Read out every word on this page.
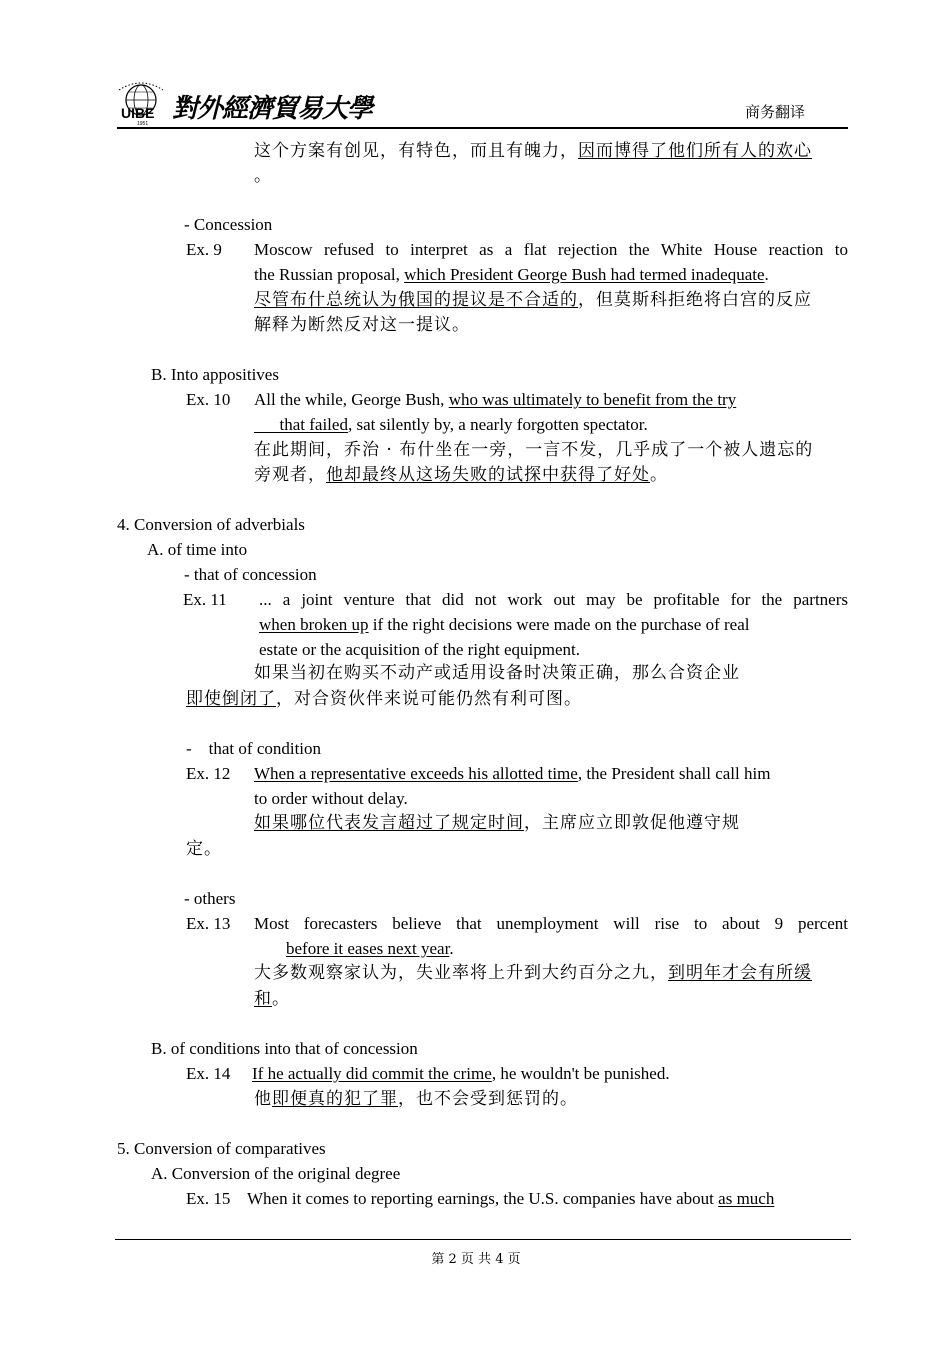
UIBE
1951 對外經濟貿易大學	商务翻译
这个方案有创见，有特色，而且有魄力，因而博得了他们所有人的欢心
。
- Concession
Ex. 9 Moscow refused to interpret as a flat rejection the White House reaction to
the Russian proposal, which President George Bush had termed inadequate.
尽管布什总统认为俄国的提议是不合适的，但莫斯科拒绝将白宫的反应
解释为断然反对这一提议。
B. Into appositives
Ex. 10 All the while, George Bush, who was ultimately to benefit from the try
that failed, sat silently by, a nearly forgotten spectator.
在此期间，乔治 · 布什坐在一旁，一言不发，几乎成了一个被人遗忘的
旁观者，他却最终从这场失败的试探中获得了好处。
4. Conversion of adverbials
A. of time into
- that of concession
Ex. 11 ... a joint venture that did not work out may be profitable for the partners
when broken up if the right decisions were made on the purchase of real
estate or the acquisition of the right equipment.
如果当初在购买不动产或适用设备时决策正确，那么合资企业
即使倒闭了，对合资伙伴来说可能仍然有利可图。
-    that of condition
Ex. 12 When a representative exceeds his allotted time, the President shall call him
to order without delay.
如果哪位代表发言超过了规定时间，主席应立即敦促他遵守规
定。
- others
Ex. 13 Most forecasters believe that unemployment will rise to about 9 percent
before it eases next year.
大多数观察家认为，失业率将上升到大约百分之九，到明年才会有所缓
和。
B. of conditions into that of concession
Ex. 14 If he actually did commit the crime, he wouldn't be punished.
他即便真的犯了罪，也不会受到惩罚的。
5. Conversion of comparatives
A. Conversion of the original degree
Ex. 15 When it comes to reporting earnings, the U.S. companies have about as much
第 2 页 共 4 页
